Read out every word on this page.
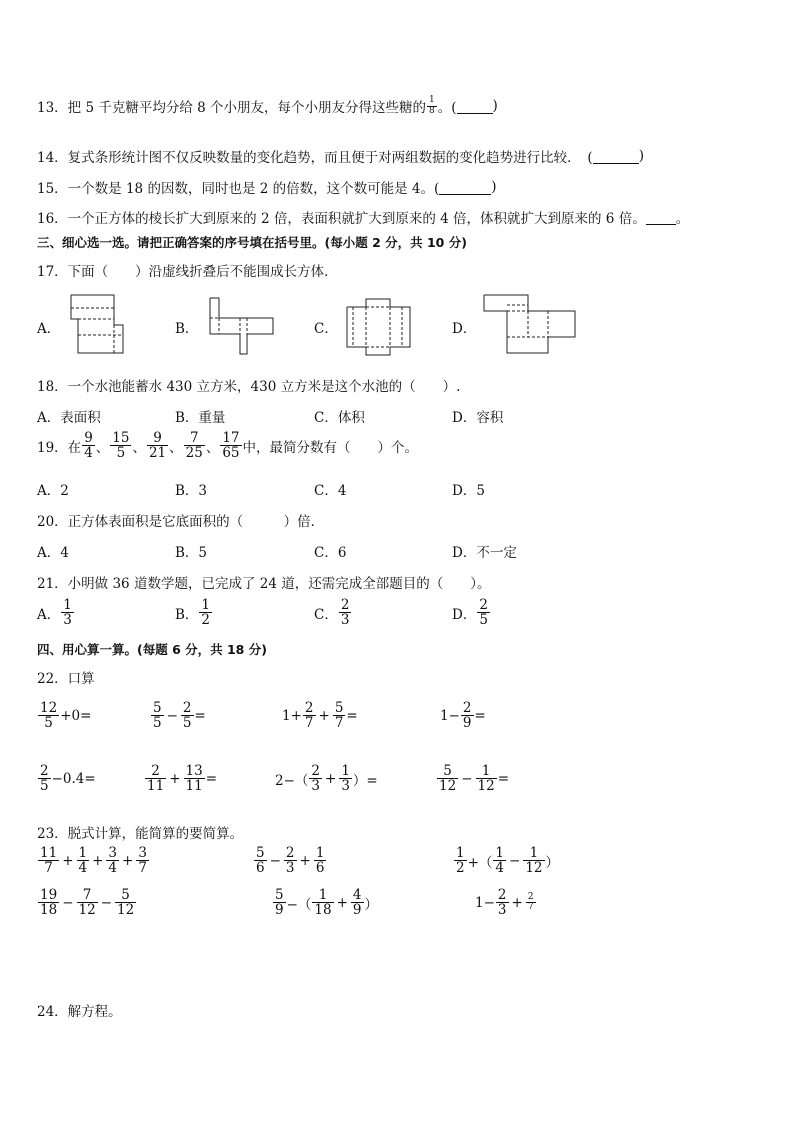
13．把 5 千克糖平均分给 8 个小朋友，每个小朋友分得这些糖的 $\frac{1}{8}$ 。(	)
14．复式条形统计图不仅反映数量的变化趋势，而且便于对两组数据的变化趋势进行比较．　(	)
15．一个数是 18 的因数，同时也是 2 的倍数，这个数可能是 4。(	)
16．一个正方体的棱长扩大到原来的 2 倍，表面积就扩大到原来的 4 倍，体积就扩大到原来的 6 倍。 。
三、细心选一选。请把正确答案的序号填在括号里。(每小题 2 分，共 10 分)
17．下面（　　）沿虚线折叠后不能围成长方体．
A．	B．	C．	D．
18．一个水池能蓄水 430 立方米，430 立方米是这个水池的（　　）.
A．表面积	B．重量	C．体积	D．容积
19．在 $\frac{9}{4}$ 、 $\frac{15}{5}$ 、 $\frac{9}{21}$ 、 $\frac{7}{25}$ 、 $\frac{17}{65}$ 中，最简分数有（　　）个。
A．2	B．3	C．4	D．5
20．正方体表面积是它底面积的（　　　）倍．
A．4	B．5	C．6	D．不一定
21．小明做 36 道数学题，已完成了 24 道，还需完成全部题目的（　　）。
A． $\frac{1}{3}$	B． $\frac{1}{2}$	C． $\frac{2}{3}$	D． $\frac{2}{5}$
四、用心算一算。(每题 6 分，共 18 分)
22．口算
$\frac{12}{5} +0=$	$\frac{5}{5} - \frac{2}{5}$ =	$1+ \frac{2}{7} + \frac{5}{7}$ =	$1- \frac{2}{9}$ =
$\frac{2}{5} -0.4=$	$\frac{2}{11} + \frac{13}{11}$ =	$2-( \frac{2}{3} + \frac{1}{3}$ ）=	$\frac{5}{12} - \frac{1}{12}$ =
23．脱式计算，能简算的要简算。
$\frac{11}{7} + \frac{1}{4} + \frac{3}{4} + \frac{3}{7}$	$\frac{5}{6} - \frac{2}{3} + \frac{1}{6}$	$\frac{1}{2}$ +（ $\frac{1}{4} - \frac{1}{12}$ ）
$\frac{19}{18} - \frac{7}{12} - \frac{5}{12}$	$\frac{5}{9}$ −（ $\frac{1}{18} + \frac{4}{9}$ ）	$1- \frac{2}{3} + \frac{2}{7}$
24．解方程。
